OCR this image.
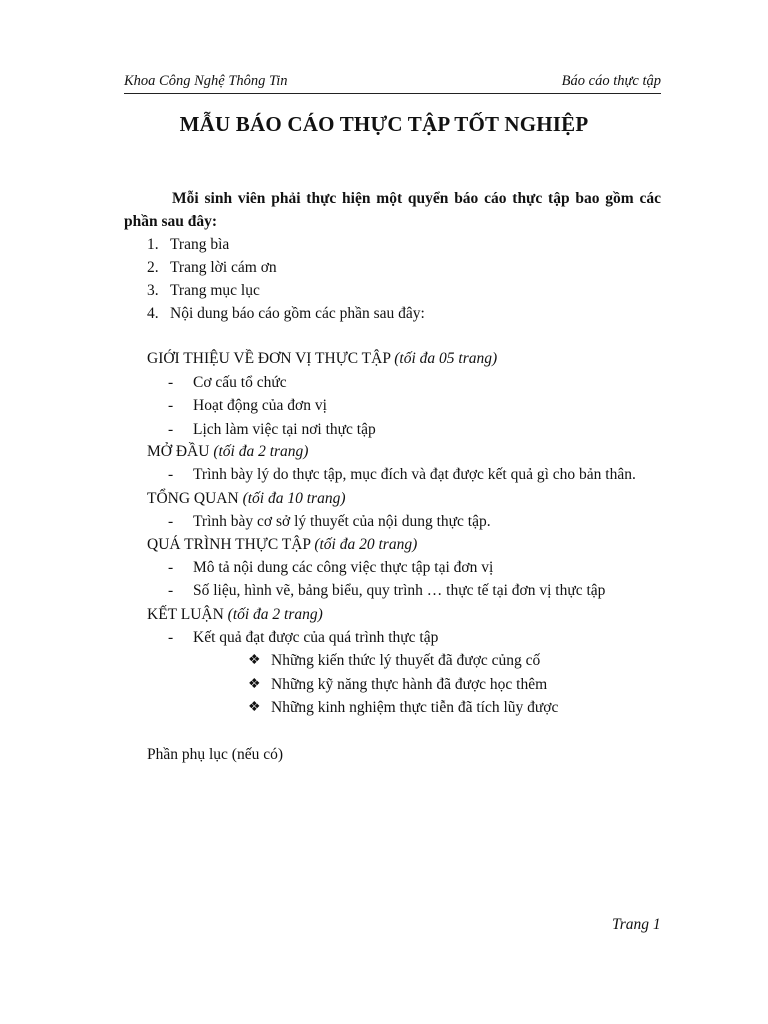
Khoa Công Nghệ Thông Tin	Báo cáo thực tập
MẪU BÁO CÁO THỰC TẬP TỐT NGHIỆP

Mỗi sinh viên phải thực hiện một quyển báo cáo thực tập bao gồm các phần sau đây:

1. Trang bìa
2. Trang lời cám ơn
3. Trang mục lục
4. Nội dung báo cáo gồm các phần sau đây:
GIỚI THIỆU VỀ ĐƠN VỊ THỰC TẬP (tối đa 05 trang)
- Cơ cấu tổ chức
- Hoạt động của đơn vị
- Lịch làm việc tại nơi thực tập
MỞ ĐẦU (tối đa 2 trang)
- Trình bày lý do thực tập, mục đích và đạt được kết quả gì cho bản thân.
TỔNG QUAN (tối đa 10 trang)
- Trình bày cơ sở lý thuyết của nội dung thực tập.
QUÁ TRÌNH THỰC TẬP (tối đa 20 trang)
- Mô tả nội dung các công việc thực tập tại đơn vị
- Số liệu, hình vẽ, bảng biểu, quy trình … thực tế tại đơn vị thực tập
KẾT LUẬN (tối đa 2 trang)
- Kết quả đạt được của quá trình thực tập
❖ Những kiến thức lý thuyết đã được củng cố
❖ Những kỹ năng thực hành đã được học thêm
❖ Những kinh nghiệm thực tiễn đã tích lũy được
Phần phụ lục (nếu có)
Trang 1
